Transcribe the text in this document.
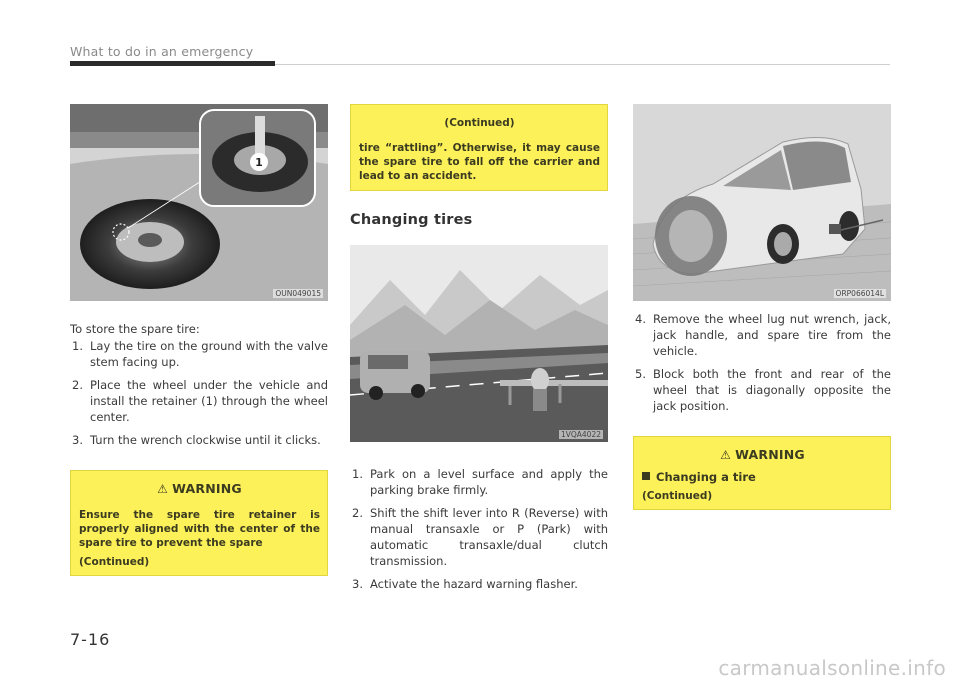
What to do in an emergency
1
OUN049015

To store the spare tire:

1. Lay the tire on the ground with the valve stem facing up.
2. Place the wheel under the vehicle and install the retainer (1) through the wheel center.
3. Turn the wrench clockwise until it clicks.
⚠ WARNING
Ensure the spare tire retainer is properly aligned with the center of the spare tire to prevent the spare
(Continued)
(Continued)
tire “rattling”. Otherwise, it may cause the spare tire to fall off the carrier and lead to an accident.
Changing tires
1VQA4022
1. Park on a level surface and apply the parking brake firmly.
2. Shift the shift lever into R (Reverse) with manual transaxle or P (Park) with automatic transaxle/dual clutch transmission.
3. Activate the hazard warning flasher.
ORP066014L
4. Remove the wheel lug nut wrench, jack, jack handle, and spare tire from the vehicle.
5. Block both the front and rear of the wheel that is diagonally opposite the jack position.
⚠ WARNING
Changing a tire
(Continued)
7-16
carmanualsonline.info
